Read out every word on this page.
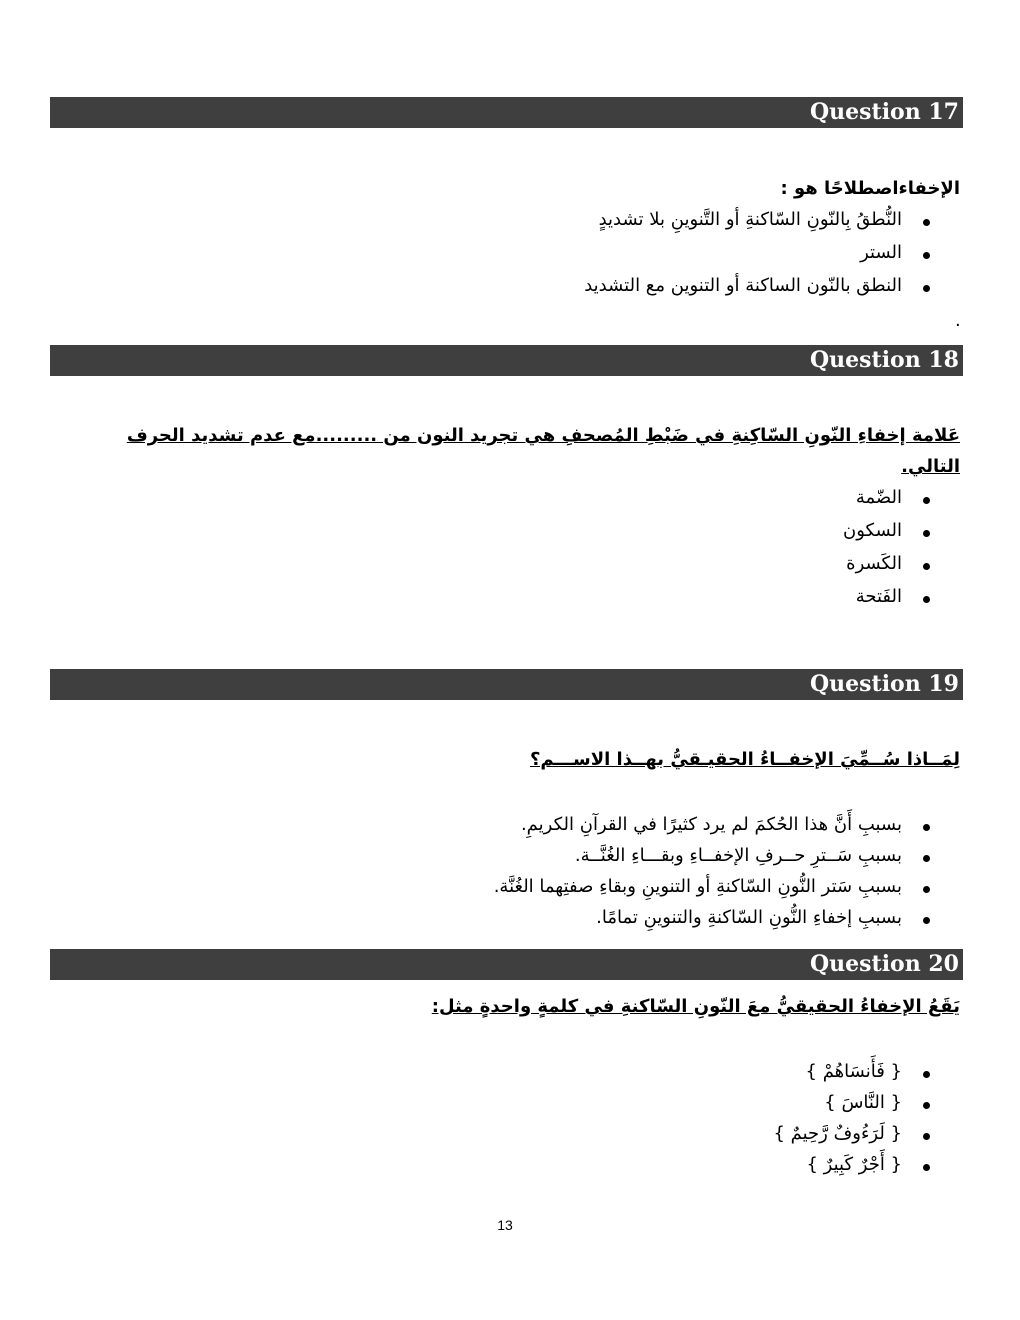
Question 17
الإخفاءاصطلاحًا هو :
النُّطقُ بِالنّونِ السّاكنةِ أو التَّنوينِ بلا تشديدٍ
الستر
النطق بالنّون الساكنة أو التنوين مع التشديد
.
Question 18
عَلامة إخفاءِ النّونِ السّاكِنةِ في ضَبْطِ المُصحفِ هي تجريد النون من .........مع عدم تشديد الحرف التالي.
الضّمة
السكون
الكَسرة
الفَتحة
Question 19
لِمَــاذا سُــمِّيَ الإخفــاءُ الحقيـقيُّ بهــذا الاســـم؟
بسببِ أَنَّ هذا الحُكمَ لم يرد كثيرًا في القرآنِ الكريمِ.
بسببِ سَــترِ حــرفِ الإخفــاءِ وبقـــاءِ الغُنَّــة.
بسببِ سَتر النُّونِ السّاكنةِ أو التنوينِ وبقاءِ صفتِهما الغُنَّة.
بسببِ إخفاءِ النُّونِ السّاكنةِ والتنوينِ تمامًا.
Question 20
يَقَعُ الإخفاءُ الحقيقيُّ معَ النّونِ السّاكنةِ في كلمةٍ واحدةٍ مثل:
{ فَأَنسَاهُمْ }
{ النَّاسَ }
{ لَرَءُوفٌ رَّحِيمٌ }
{ أَجْرٌ كَبِيرٌ }
13
